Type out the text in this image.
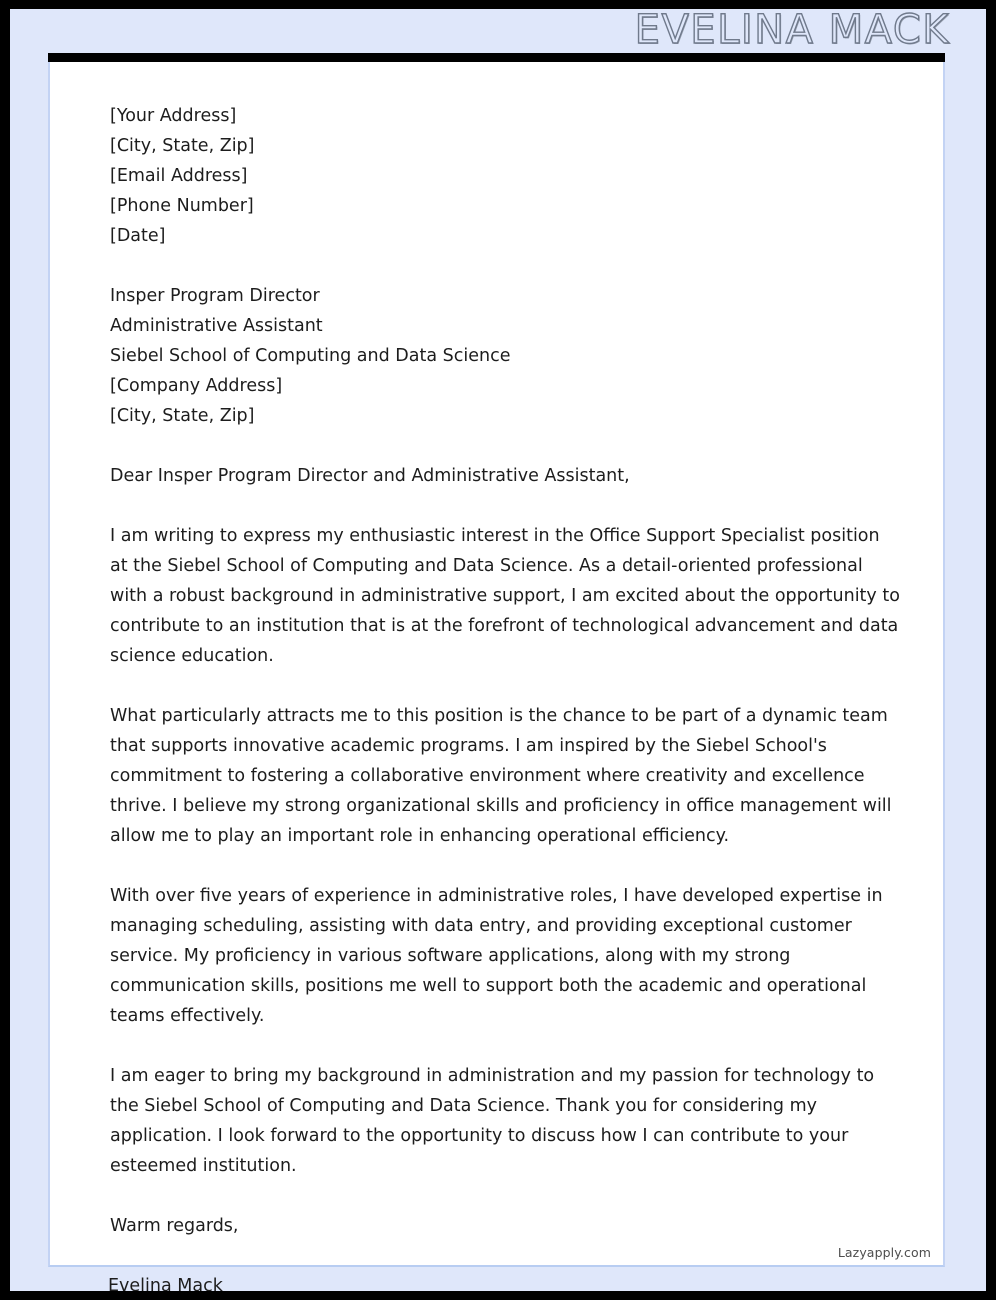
EVELINA MACK
[Your Address]
[City, State, Zip]
[Email Address]
[Phone Number]
[Date]
Insper Program Director
Administrative Assistant
Siebel School of Computing and Data Science
[Company Address]
[City, State, Zip]

Dear Insper Program Director and Administrative Assistant,

I am writing to express my enthusiastic interest in the Office Support Specialist position at the Siebel School of Computing and Data Science. As a detail-oriented professional with a robust background in administrative support, I am excited about the opportunity to contribute to an institution that is at the forefront of technological advancement and data science education.

What particularly attracts me to this position is the chance to be part of a dynamic team that supports innovative academic programs. I am inspired by the Siebel School's commitment to fostering a collaborative environment where creativity and excellence thrive. I believe my strong organizational skills and proficiency in office management will allow me to play an important role in enhancing operational efficiency.

With over five years of experience in administrative roles, I have developed expertise in managing scheduling, assisting with data entry, and providing exceptional customer service. My proficiency in various software applications, along with my strong communication skills, positions me well to support both the academic and operational teams effectively.

I am eager to bring my background in administration and my passion for technology to the Siebel School of Computing and Data Science. Thank you for considering my application. I look forward to the opportunity to discuss how I can contribute to your esteemed institution.

Warm regards,

Lazyapply.com
Evelina Mack
